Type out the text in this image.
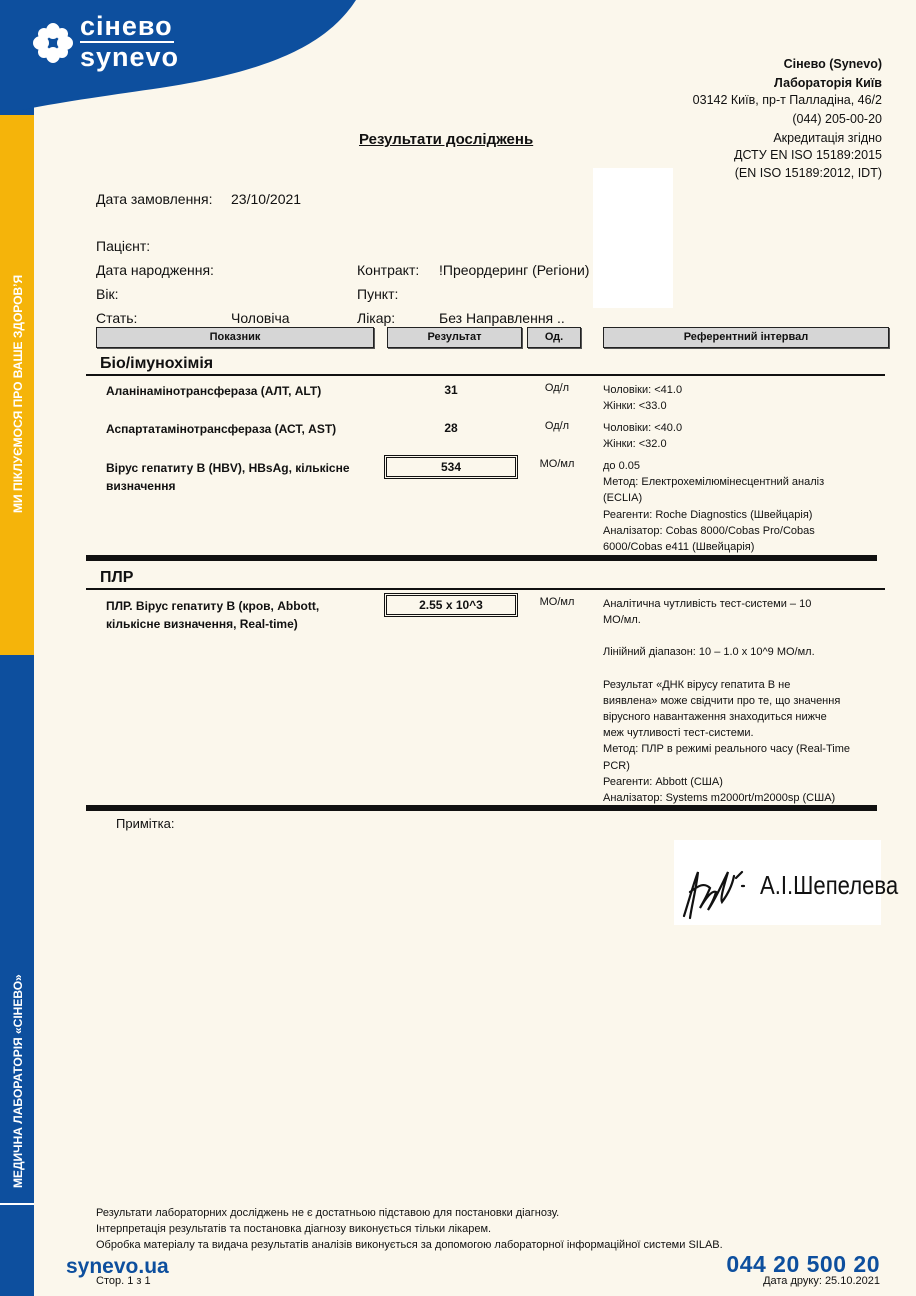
МИ ПІКЛУЄМОСЯ ПРО ВАШЕ ЗДОРОВ’Я
МЕДИЧНА ЛАБОРАТОРІЯ «СІНЕВО»
сінево
synevo	Сінево (Synevo)
Лабораторія Київ
03142 Київ, пр-т Палладіна, 46/2
(044) 205-00-20
Акредитація згідно
ДСТУ EN ISO 15189:2015
(EN ISO 15189:2012, IDT)
Результати досліджень
Дата замовлення: 23/10/2021
Пацієнт:
Дата народження:
Вік:
Стать:	Чоловіча
Контракт: !Преордеринг (Регіони)
Пункт:
Лікар:	Без Направлення ..
Показник	Результат	Од.	Референтний інтервал
Біо/імунохімія
Аланінамінотрансфераза (АЛТ, ALT)	31	Од/л	Чоловіки: <41.0
Жінки: <33.0
Аспартатамінотрансфераза (АСТ, AST)	28	Од/л	Чоловіки: <40.0
Жінки: <32.0
Вірус гепатиту В (HBV), HBsAg, кількісне
визначення
534	МО/мл	до 0.05
Метод: Електрохемілюмінесцентний аналіз
(ECLIA)
Реагенти: Roche Diagnostics (Швейцарія)
Аналізатор: Cobas 8000/Cobas Pro/Cobas
6000/Cobas e411 (Швейцарія)
ПЛР
ПЛР. Вірус гепатиту В (кров, Abbott,
кількісне визначення, Real-time)
2.55 x 10^3	МО/мл	Аналітична чутливість тест-системи – 10
МО/мл.
Лінійний діапазон: 10 – 1.0 x 10^9 МО/мл.
Результат «ДНК вірусу гепатита В не
виявлена» може свідчити про те, що значення
вірусного навантаження знаходиться нижче
меж чутливості тест-системи.
Метод: ПЛР в режимі реального часу (Real-Time
PCR)
Реагенти: Abbott (США)
Аналізатор: Systems m2000rt/m2000sp (США)
Примітка:
А.І.Шепелева
Результати лабораторних досліджень не є достатньою підставою для постановки діагнозу.
Інтерпретація результатів та постановка діагнозу виконується тільки лікарем.
Обробка матеріалу та видача результатів аналізів виконується за допомогою лабораторної інформаційної системи SILAB.
synevo.ua
Стор. 1 з 1
044 20 500 20
Дата друку: 25.10.2021
